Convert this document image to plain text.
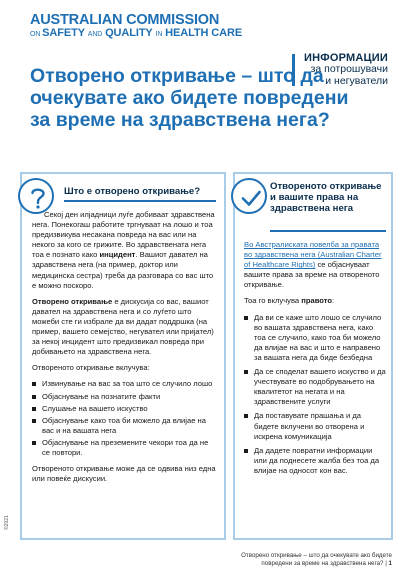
AUSTRALIAN COMMISSION
ON SAFETY AND QUALITY IN HEALTH CARE
ИНФОРМАЦИИ
за потрошувачи
и негуватели
Отворено откривање – што да очекувате ако бидете повредени за време на здравствена нега?
Што е отворено откривање?	Отвореното откривање и вашите права на здравствена нега

Секој ден илјадници луѓе добиваат здравствена нега. Понекогаш работите тргнуваат на лошо и тоа предизвикува несакана повреда на вас или на некого за кого се грижите. Во здравствената нега тоа е познато како инцидент. Вашиот давател на здравствена нега (на пример, доктор или медицинска сестра) треба да разговара со вас што е можно поскоро.

Отворено откривање е дискусија со вас, вашиот давател на здравствена нега и со луѓето што можеби сте ги избрале да ви дадат поддршка (на пример, вашето семејство, негувател или пријател) за некој инцидент што предизвикал повреда при добивањето на здравствена нега.

Отвореното откривање вклучува:

Извинување на вас за тоа што се случило лошо
Објаснување на познатите факти
Слушање на вашето искуство
Објаснување како тоа би можело да влијае на вас и на вашата нега
Објаснување на преземените чекори тоа да не се повтори.

Отвореното откривање може да се одвива низ една или повеќе дискусии.

Во Австралиската повелба за правата во здравствена нега (Australian Charter of Healthcare Rights) се објаснуваат вашите права за време на отвореното откривање.

Тоа го вклучува правото:

Да ви се каже што лошо се случило во вашата здравствена нега, како тоа се случило, како тоа би можело да влијае на вас и што е направено за вашата нега да биде безбедна
Да се споделат вашето искуство и да учествувате во подобрувањето на квалитетот на негата и на здравствените услуги
Да поставувате прашања и да бидете вклучени во отворена и искрена комуникација
Да дадете повратни информации или да поднесете жалба без тоа да влијае на односот кон вас.
©2021
Отворено откривање – што да очекувате ако бидете
повредени за време на здравствена нега? | 1
